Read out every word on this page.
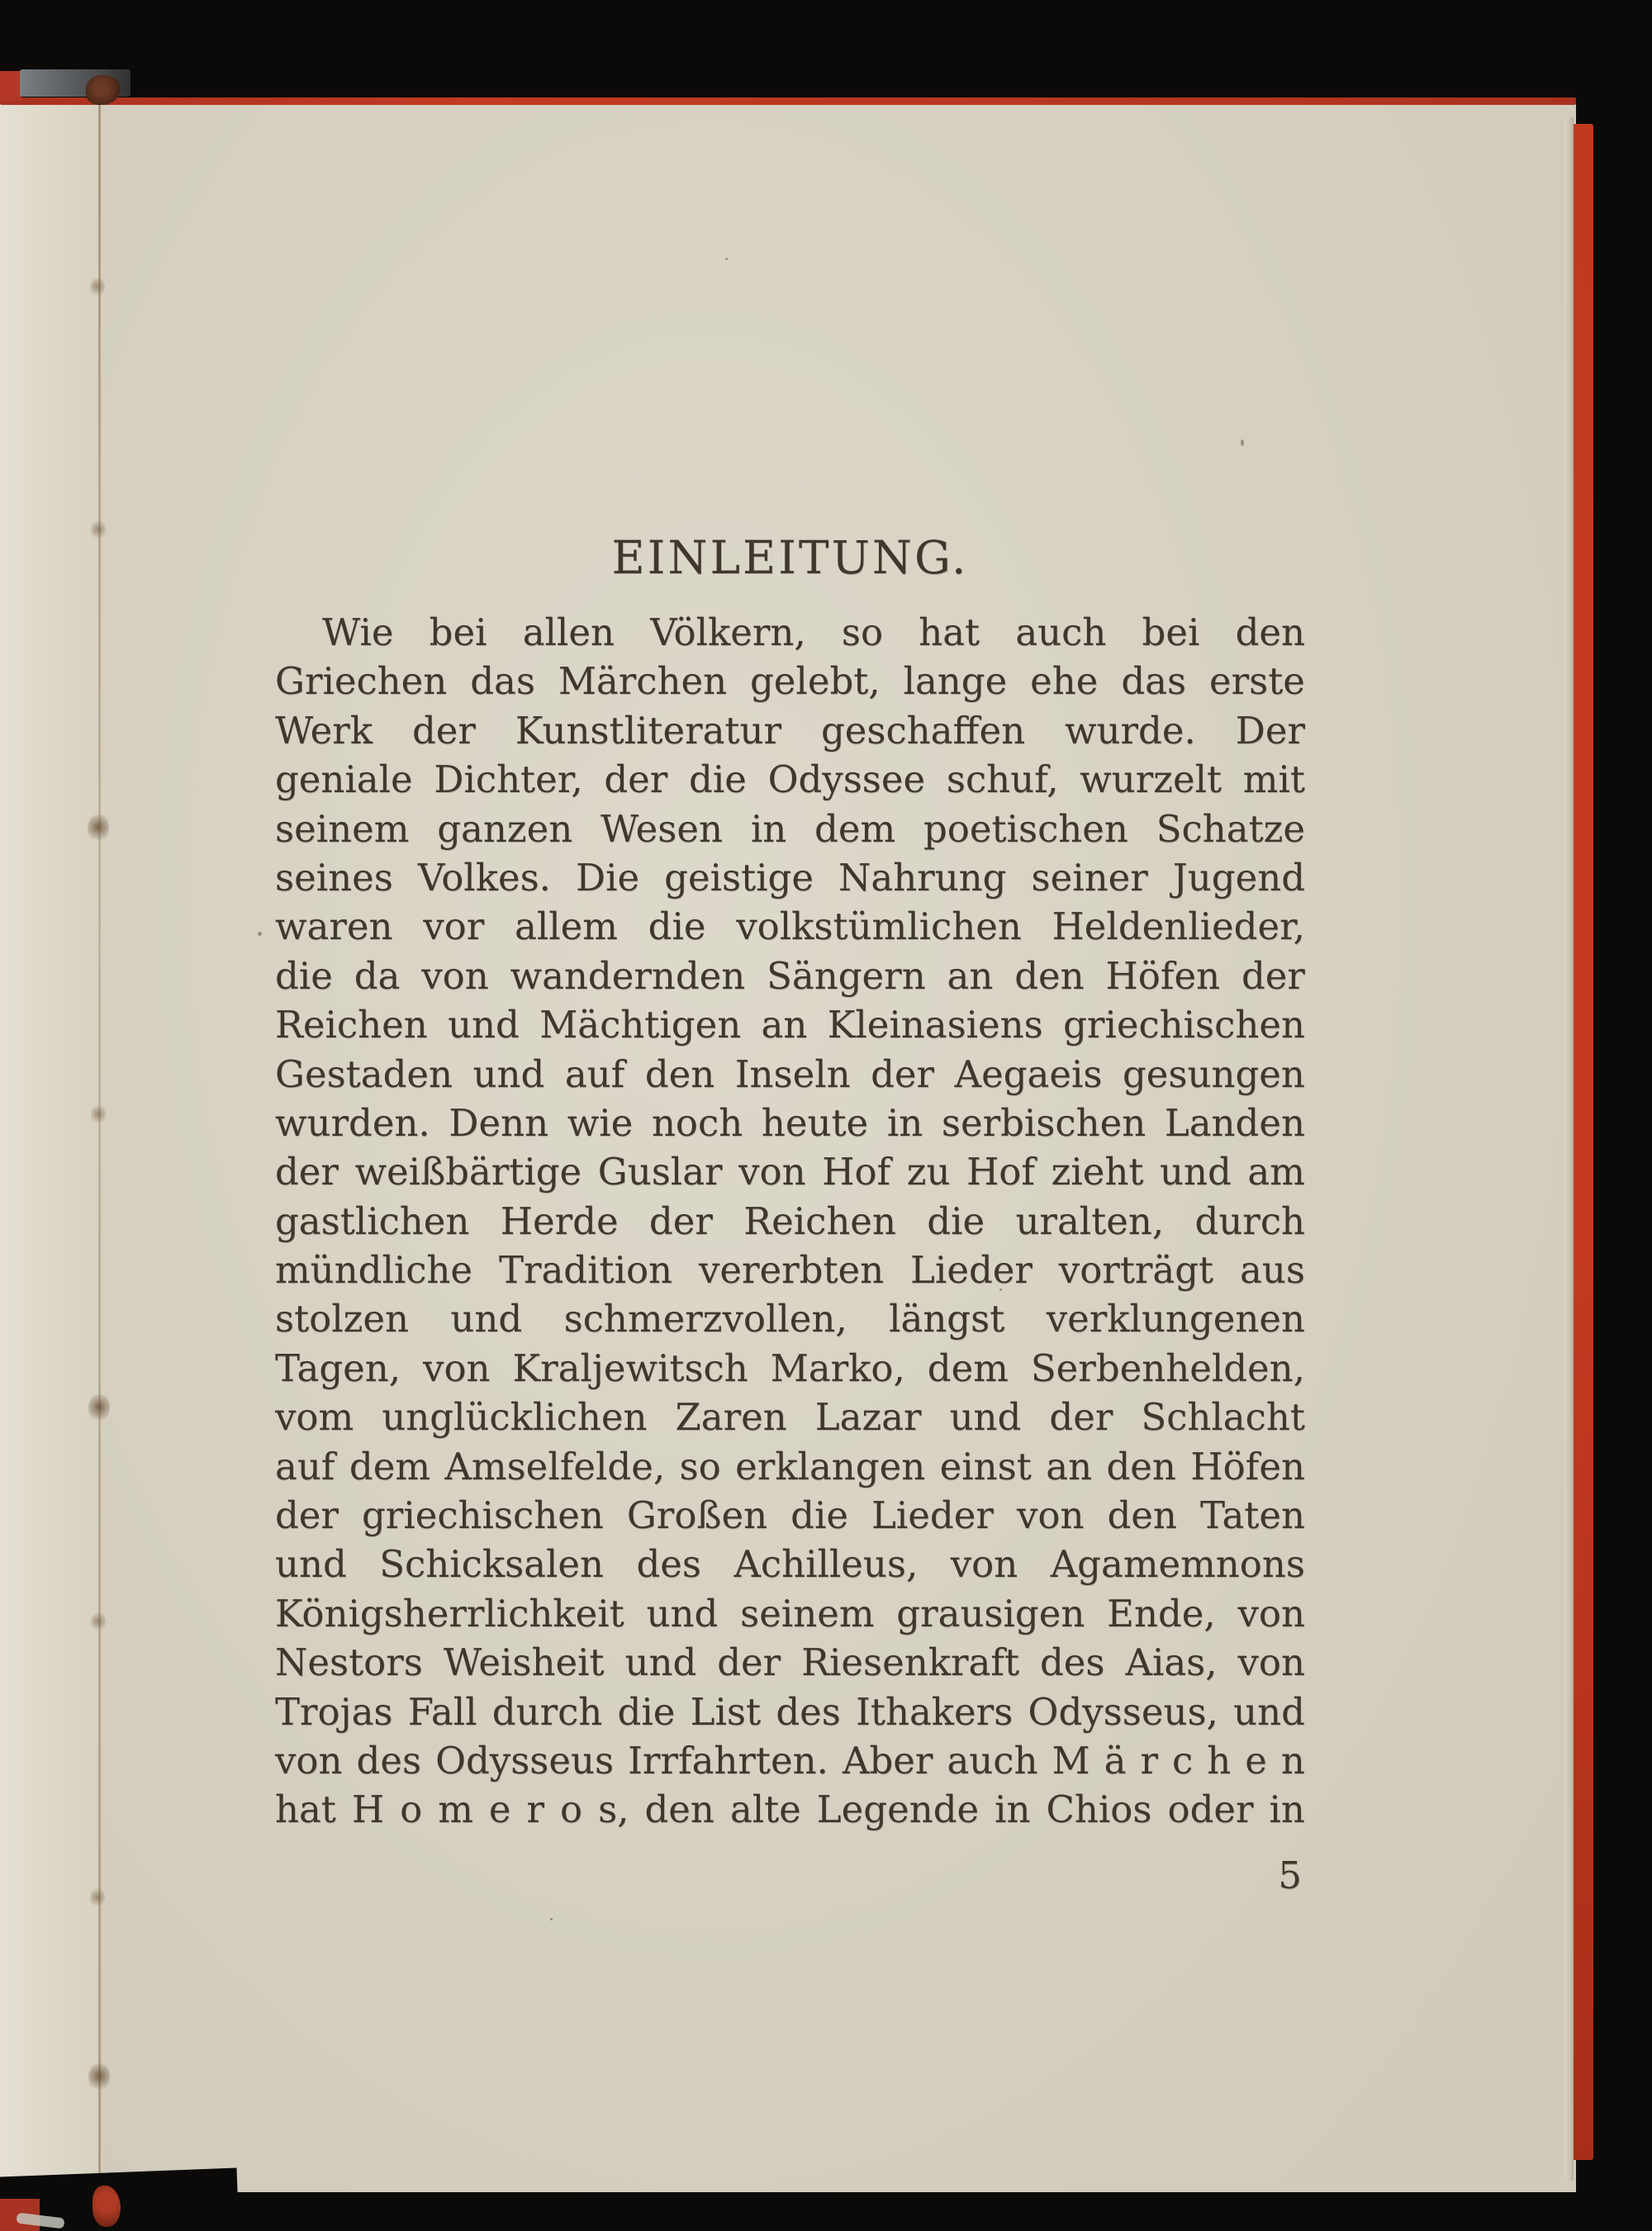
EINLEITUNG.
Wie bei allen Völkern, so hat auch bei den
Griechen das Märchen gelebt, lange ehe das erste
Werk der Kunstliteratur geschaffen wurde. Der
geniale Dichter, der die Odyssee schuf, wurzelt mit
seinem ganzen Wesen in dem poetischen Schatze
seines Volkes. Die geistige Nahrung seiner Jugend
waren vor allem die volkstümlichen Heldenlieder,
die da von wandernden Sängern an den Höfen der
Reichen und Mächtigen an Kleinasiens griechischen
Gestaden und auf den Inseln der Aegaeis gesungen
wurden. Denn wie noch heute in serbischen Landen
der weißbärtige Guslar von Hof zu Hof zieht und am
gastlichen Herde der Reichen die uralten, durch
mündliche Tradition vererbten Lieder vorträgt aus
stolzen und schmerzvollen, längst verklungenen
Tagen, von Kraljewitsch Marko, dem Serbenhelden,
vom unglücklichen Zaren Lazar und der Schlacht
auf dem Amselfelde, so erklangen einst an den Höfen
der griechischen Großen die Lieder von den Taten
und Schicksalen des Achilleus, von Agamemnons
Königsherrlichkeit und seinem grausigen Ende, von
Nestors Weisheit und der Riesenkraft des Aias, von
Trojas Fall durch die List des Ithakers Odysseus, und
von des Odysseus Irrfahrten. Aber auch M ä r c h e n
hat H o m e r o s, den alte Legende in Chios oder in
5
